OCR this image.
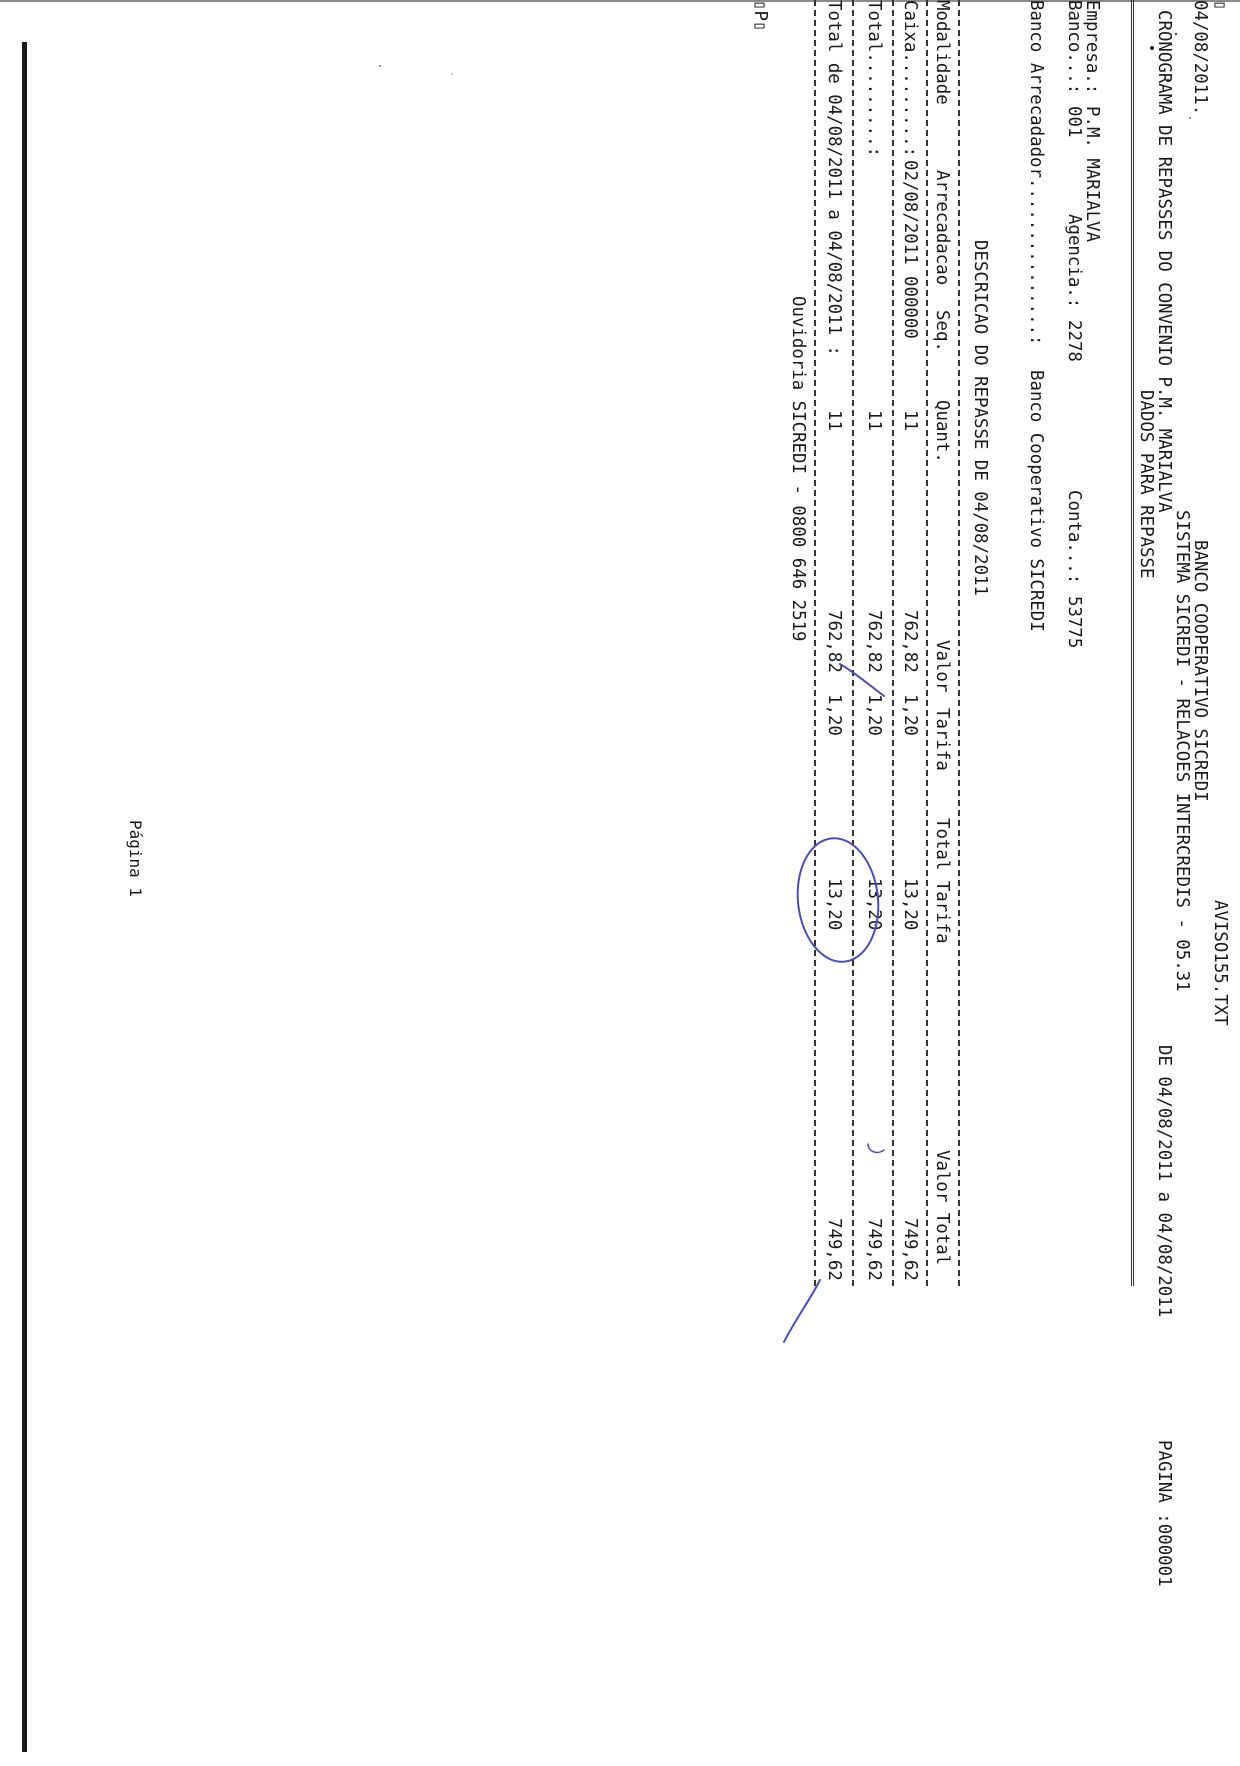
▯
AVISO155.TXT
04/08/2011
BANCO COOPERATIVO SICREDI
SISTEMA SICREDI - RELACOES INTERCREDIS - 05.31
CRONOGRAMA DE REPASSES DO CONVENIO P.M. MARIALVA
DE 04/08/2011 a 04/08/2011
PAGINA :000001
DADOS PARA REPASSE
Empresa.:
P.M. MARIALVA
Banco...:
001
Agencia.:
2278
Conta...:
53775
Banco Arrecadador...............:
Banco Cooperativo SICREDI
DESCRICAO DO REPASSE DE 04/08/2011
Modalidade
Arrecadacao
Seq.
Quant.
Valor
Tarifa
Total Tarifa
Valor Total
Caixa.........:
02/08/2011
000000
11
762,82
1,20
13,20
749,62
Total.........:
11
762,82
1,20
13,20
749,62
Total de 04/08/2011 a 04/08/2011 :
11
762,82
1,20
13,20
749,62
Ouvidoria SICREDI - 0800 646 2519
▯P▯
Página 1
